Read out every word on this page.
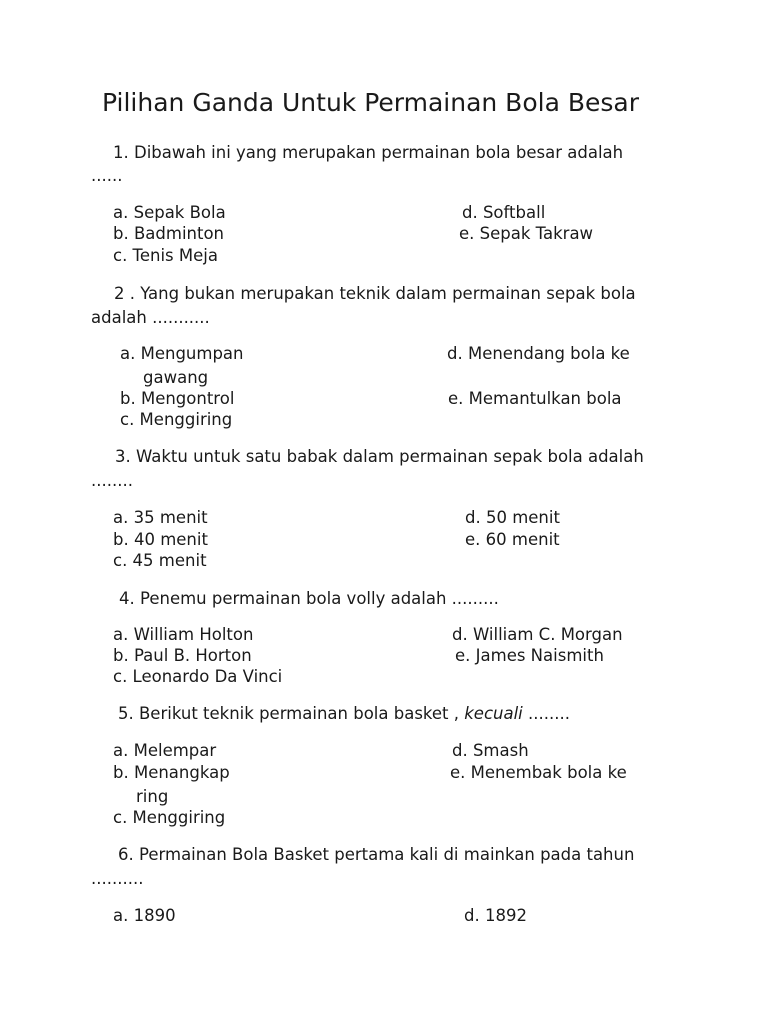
Pilihan Ganda Untuk Permainan Bola Besar
1. Dibawah ini yang merupakan permainan bola besar adalah
......
a. Sepak Bola
b. Badminton
c. Tenis Meja
d. Softball
e. Sepak Takraw
2 . Yang bukan merupakan teknik dalam permainan sepak bola
adalah ...........
a. Mengumpan
gawang
b. Mengontrol
c. Menggiring
d. Menendang bola ke
e. Memantulkan bola
3. Waktu untuk satu babak dalam permainan sepak bola adalah
........
a. 35 menit
b. 40 menit
c. 45 menit
d. 50 menit
e. 60 menit
4. Penemu permainan bola volly adalah .........
a. William Holton
b. Paul B. Horton
c. Leonardo Da Vinci
d. William C. Morgan
e. James Naismith
5. Berikut teknik permainan bola basket , kecuali ........
a. Melempar
b. Menangkap
ring
c. Menggiring
d. Smash
e. Menembak bola ke
6. Permainan Bola Basket pertama kali di mainkan pada tahun
..........
a. 1890	d. 1892
